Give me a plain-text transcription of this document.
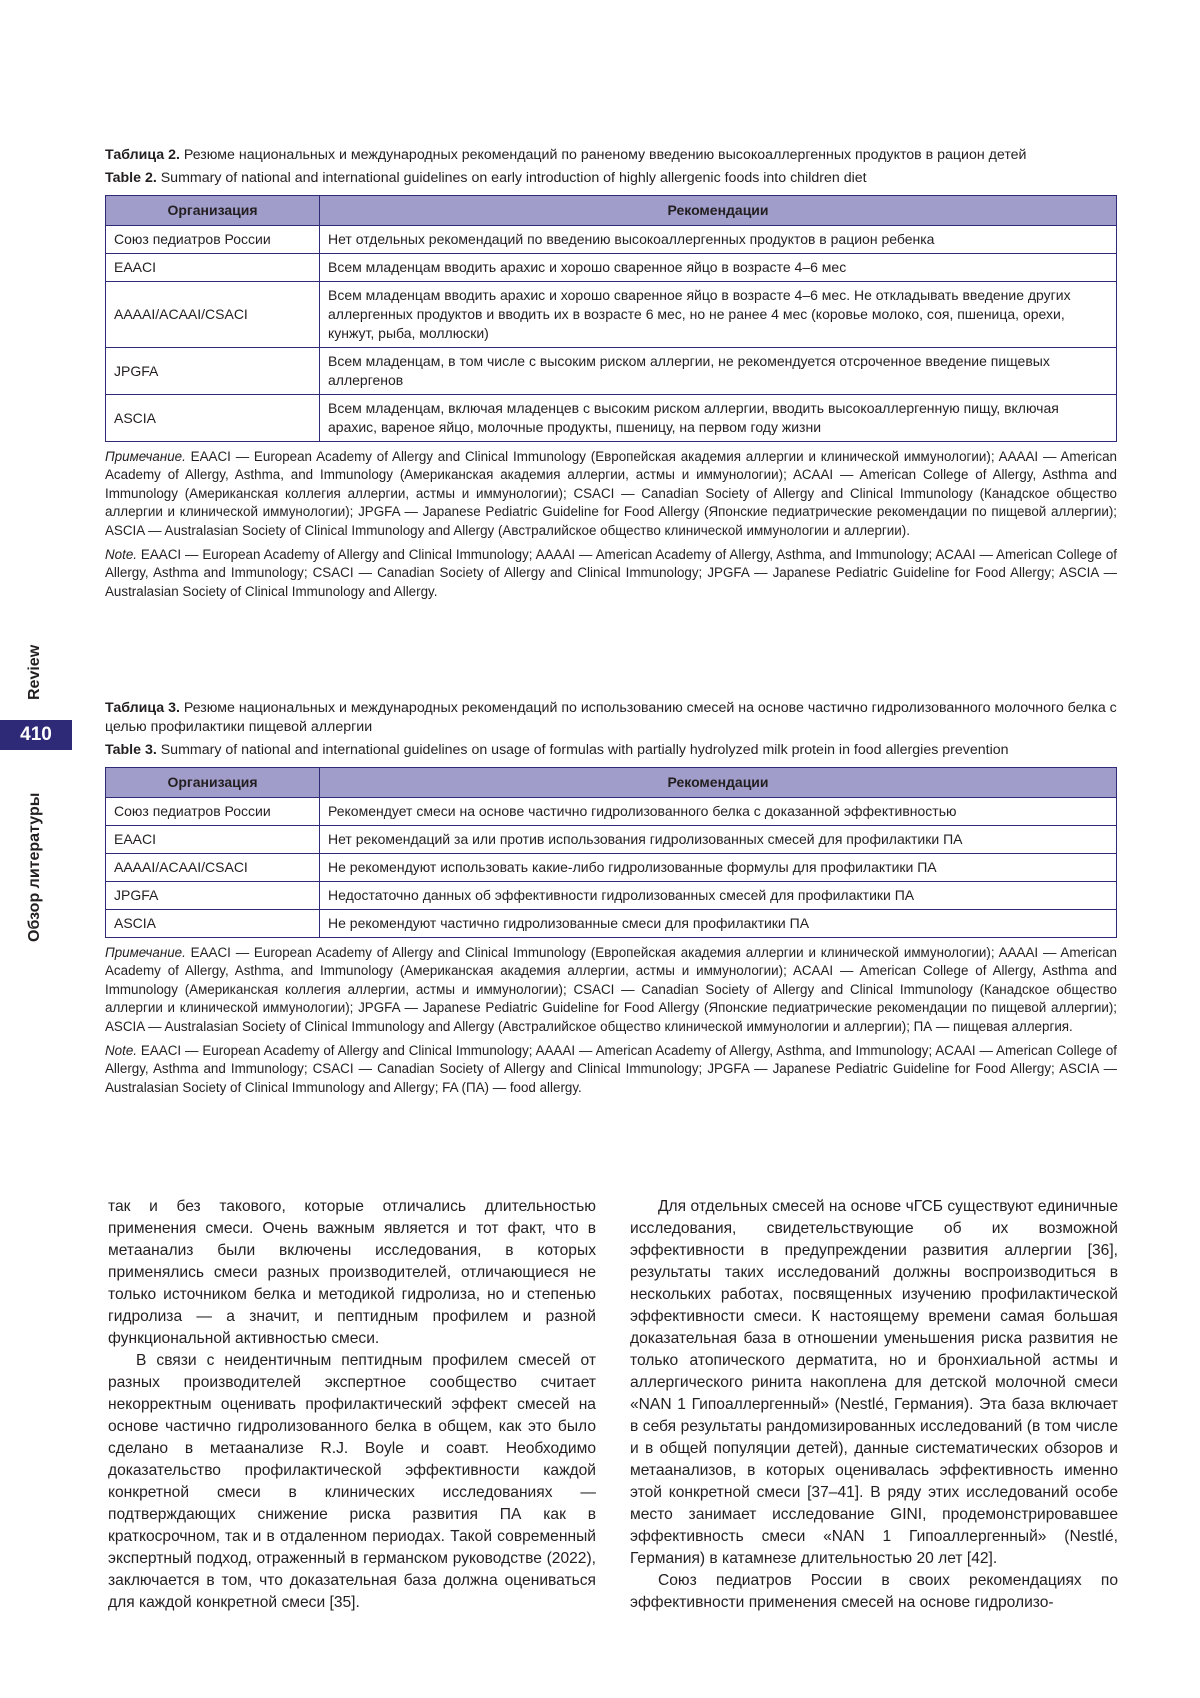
Review
410
Обзор литературы

Таблица 2. Резюме национальных и международных рекомендаций по раненому введению высокоаллергенных продуктов в рацион детей

Table 2. Summary of national and international guidelines on early introduction of highly allergenic foods into children diet

Организация	Рекомендации
Союз педиатров России	Нет отдельных рекомендаций по введению высокоаллергенных продуктов в рацион ребенка
EAACI	Всем младенцам вводить арахис и хорошо сваренное яйцо в возрасте 4–6 мес
AAAAI/ACAAI/CSACI	Всем младенцам вводить арахис и хорошо сваренное яйцо в возрасте 4–6 мес. Не откладывать введение других аллергенных продуктов и вводить их в возрасте 6 мес, но не ранее 4 мес (коровье молоко, соя, пшеница, орехи, кунжут, рыба, моллюски)
JPGFA	Всем младенцам, в том числе с высоким риском аллергии, не рекомендуется отсроченное введение пищевых аллергенов
ASCIA	Всем младенцам, включая младенцев с высоким риском аллергии, вводить высокоаллергенную пищу, включая арахис, вареное яйцо, молочные продукты, пшеницу, на первом году жизни

Примечание. EAACI — European Academy of Allergy and Clinical Immunology (Европейская академия аллергии и клинической иммунологии); AAAAI — American Academy of Allergy, Asthma, and Immunology (Американская академия аллергии, астмы и иммунологии); ACAAI — American College of Allergy, Asthma and Immunology (Американская коллегия аллергии, астмы и иммунологии); CSACI — Canadian Society of Allergy and Clinical Immunology (Канадское общество аллергии и клинической иммунологии); JPGFA — Japanese Pediatric Guideline for Food Allergy (Японские педиатрические рекомендации по пищевой аллергии); ASCIA — Australasian Society of Clinical Immunology and Allergy (Австралийское общество клинической иммунологии и аллергии).

Note. EAACI — European Academy of Allergy and Clinical Immunology; AAAAI — American Academy of Allergy, Asthma, and Immunology; ACAAI — American College of Allergy, Asthma and Immunology; CSACI — Canadian Society of Allergy and Clinical Immunology; JPGFA — Japanese Pediatric Guideline for Food Allergy; ASCIA — Australasian Society of Clinical Immunology and Allergy.

Таблица 3. Резюме национальных и международных рекомендаций по использованию смесей на основе частично гидролизованного молочного белка с целью профилактики пищевой аллергии

Table 3. Summary of national and international guidelines on usage of formulas with partially hydrolyzed milk protein in food allergies prevention

Организация	Рекомендации
Союз педиатров России	Рекомендует смеси на основе частично гидролизованного белка с доказанной эффективностью
EAACI	Нет рекомендаций за или против использования гидролизованных смесей для профилактики ПА
AAAAI/ACAAI/CSACI	Не рекомендуют использовать какие-либо гидролизованные формулы для профилактики ПА
JPGFA	Недостаточно данных об эффективности гидролизованных смесей для профилактики ПА
ASCIA	Не рекомендуют частично гидролизованные смеси для профилактики ПА

Примечание. EAACI — European Academy of Allergy and Clinical Immunology (Европейская академия аллергии и клинической иммунологии); AAAAI — American Academy of Allergy, Asthma, and Immunology (Американская академия аллергии, астмы и иммунологии); ACAAI — American College of Allergy, Asthma and Immunology (Американская коллегия аллергии, астмы и иммунологии); CSACI — Canadian Society of Allergy and Clinical Immunology (Канадское общество аллергии и клинической иммунологии); JPGFA — Japanese Pediatric Guideline for Food Allergy (Японские педиатрические рекомендации по пищевой аллергии); ASCIA — Australasian Society of Clinical Immunology and Allergy (Австралийское общество клинической иммунологии и аллергии); ПА — пищевая аллергия.

Note. EAACI — European Academy of Allergy and Clinical Immunology; AAAAI — American Academy of Allergy, Asthma, and Immunology; ACAAI — American College of Allergy, Asthma and Immunology; CSACI — Canadian Society of Allergy and Clinical Immunology; JPGFA — Japanese Pediatric Guideline for Food Allergy; ASCIA — Australasian Society of Clinical Immunology and Allergy; FA (ПА) — food allergy.

так и без такового, которые отличались длительностью применения смеси. Очень важным является и тот факт, что в метаанализ были включены исследования, в которых применялись смеси разных производителей, отличающиеся не только источником белка и методикой гидролиза, но и степенью гидролиза — а значит, и пептидным профилем и разной функциональной активностью смеси.

В связи с неидентичным пептидным профилем смесей от разных производителей экспертное сообщество считает некорректным оценивать профилактический эффект смесей на основе частично гидролизованного белка в общем, как это было сделано в метаанализе R.J. Boyle и соавт. Необходимо доказательство профилактической эффективности каждой конкретной смеси в клинических исследованиях — подтверждающих снижение риска развития ПА как в краткосрочном, так и в отдаленном периодах. Такой современный экспертный подход, отраженный в германском руководстве (2022), заключается в том, что доказательная база должна оцениваться для каждой конкретной смеси [35].

Для отдельных смесей на основе чГСБ существуют единичные исследования, свидетельствующие об их возможной эффективности в предупреждении развития аллергии [36], результаты таких исследований должны воспроизводиться в нескольких работах, посвященных изучению профилактической эффективности смеси. К настоящему времени самая большая доказательная база в отношении уменьшения риска развития не только атопического дерматита, но и бронхиальной астмы и аллергического ринита накоплена для детской молочной смеси «NAN 1 Гипоаллергенный» (Nestlé, Германия). Эта база включает в себя результаты рандомизированных исследований (в том числе и в общей популяции детей), данные систематических обзоров и метаанализов, в которых оценивалась эффективность именно этой конкретной смеси [37–41]. В ряду этих исследований особе место занимает исследование GINI, продемонстрировавшее эффективность смеси «NAN 1 Гипоаллергенный» (Nestlé, Германия) в катамнезе длительностью 20 лет [42].

Союз педиатров России в своих рекомендациях по эффективности применения смесей на основе гидролизо-
